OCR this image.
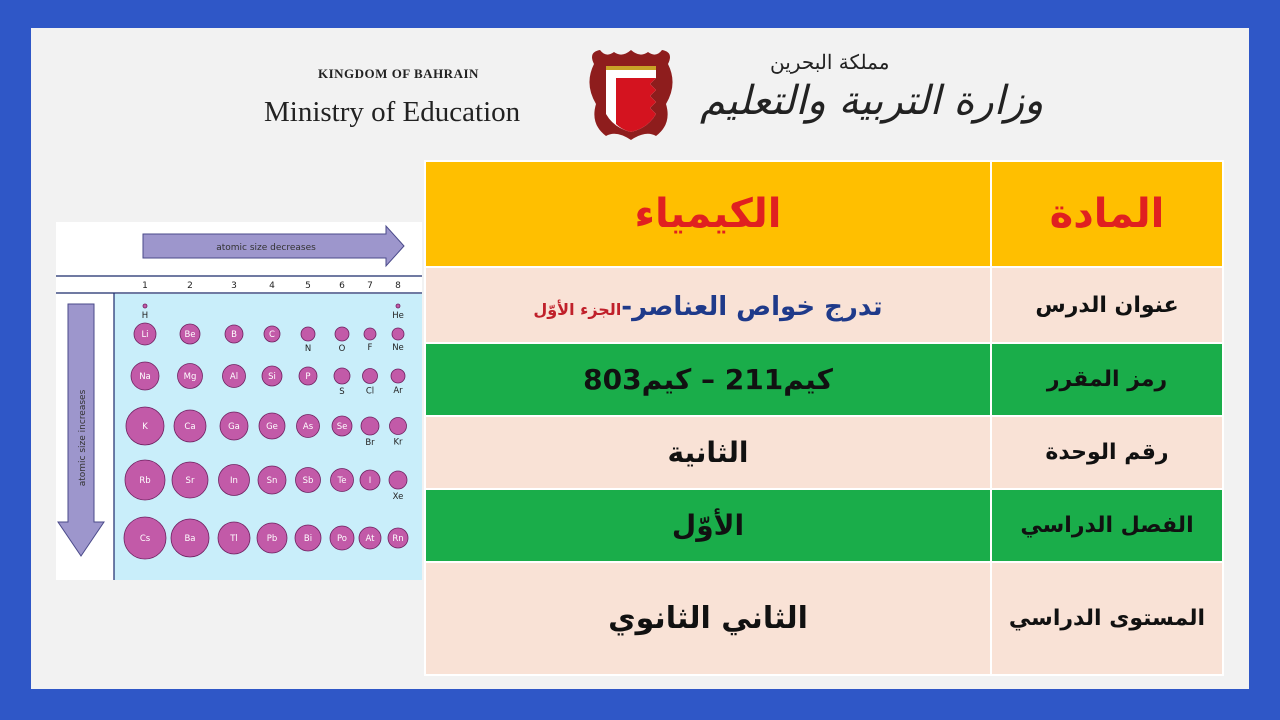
KINGDOM OF BAHRAIN
Ministry of Education
مملكة البحرين
وزارة التربية والتعليم
المادة	الكيمياء
عنوان الدرس	تدرج خواص العناصر-الجزء الأوّل
رمز المقرر	كيم211 – كيم803
رقم الوحدة	الثانية
الفصل الدراسي	الأوّل
المستوى الدراسي	الثاني الثانوي
atomic size decreases
atomic size increases
1	2	3	4	5	6 7 8
H	He
Li	Be	B	C
N	O	F Ne
Na	Mg	Al	Si	P
S Cl Ar
K	Ca	Ga	Ge	As	Se
Br Kr
Rb	Sr	In	Sn	Sb	Te	I
Xe
Cs	Ba	Tl	Pb	Bi	Po At Rn
